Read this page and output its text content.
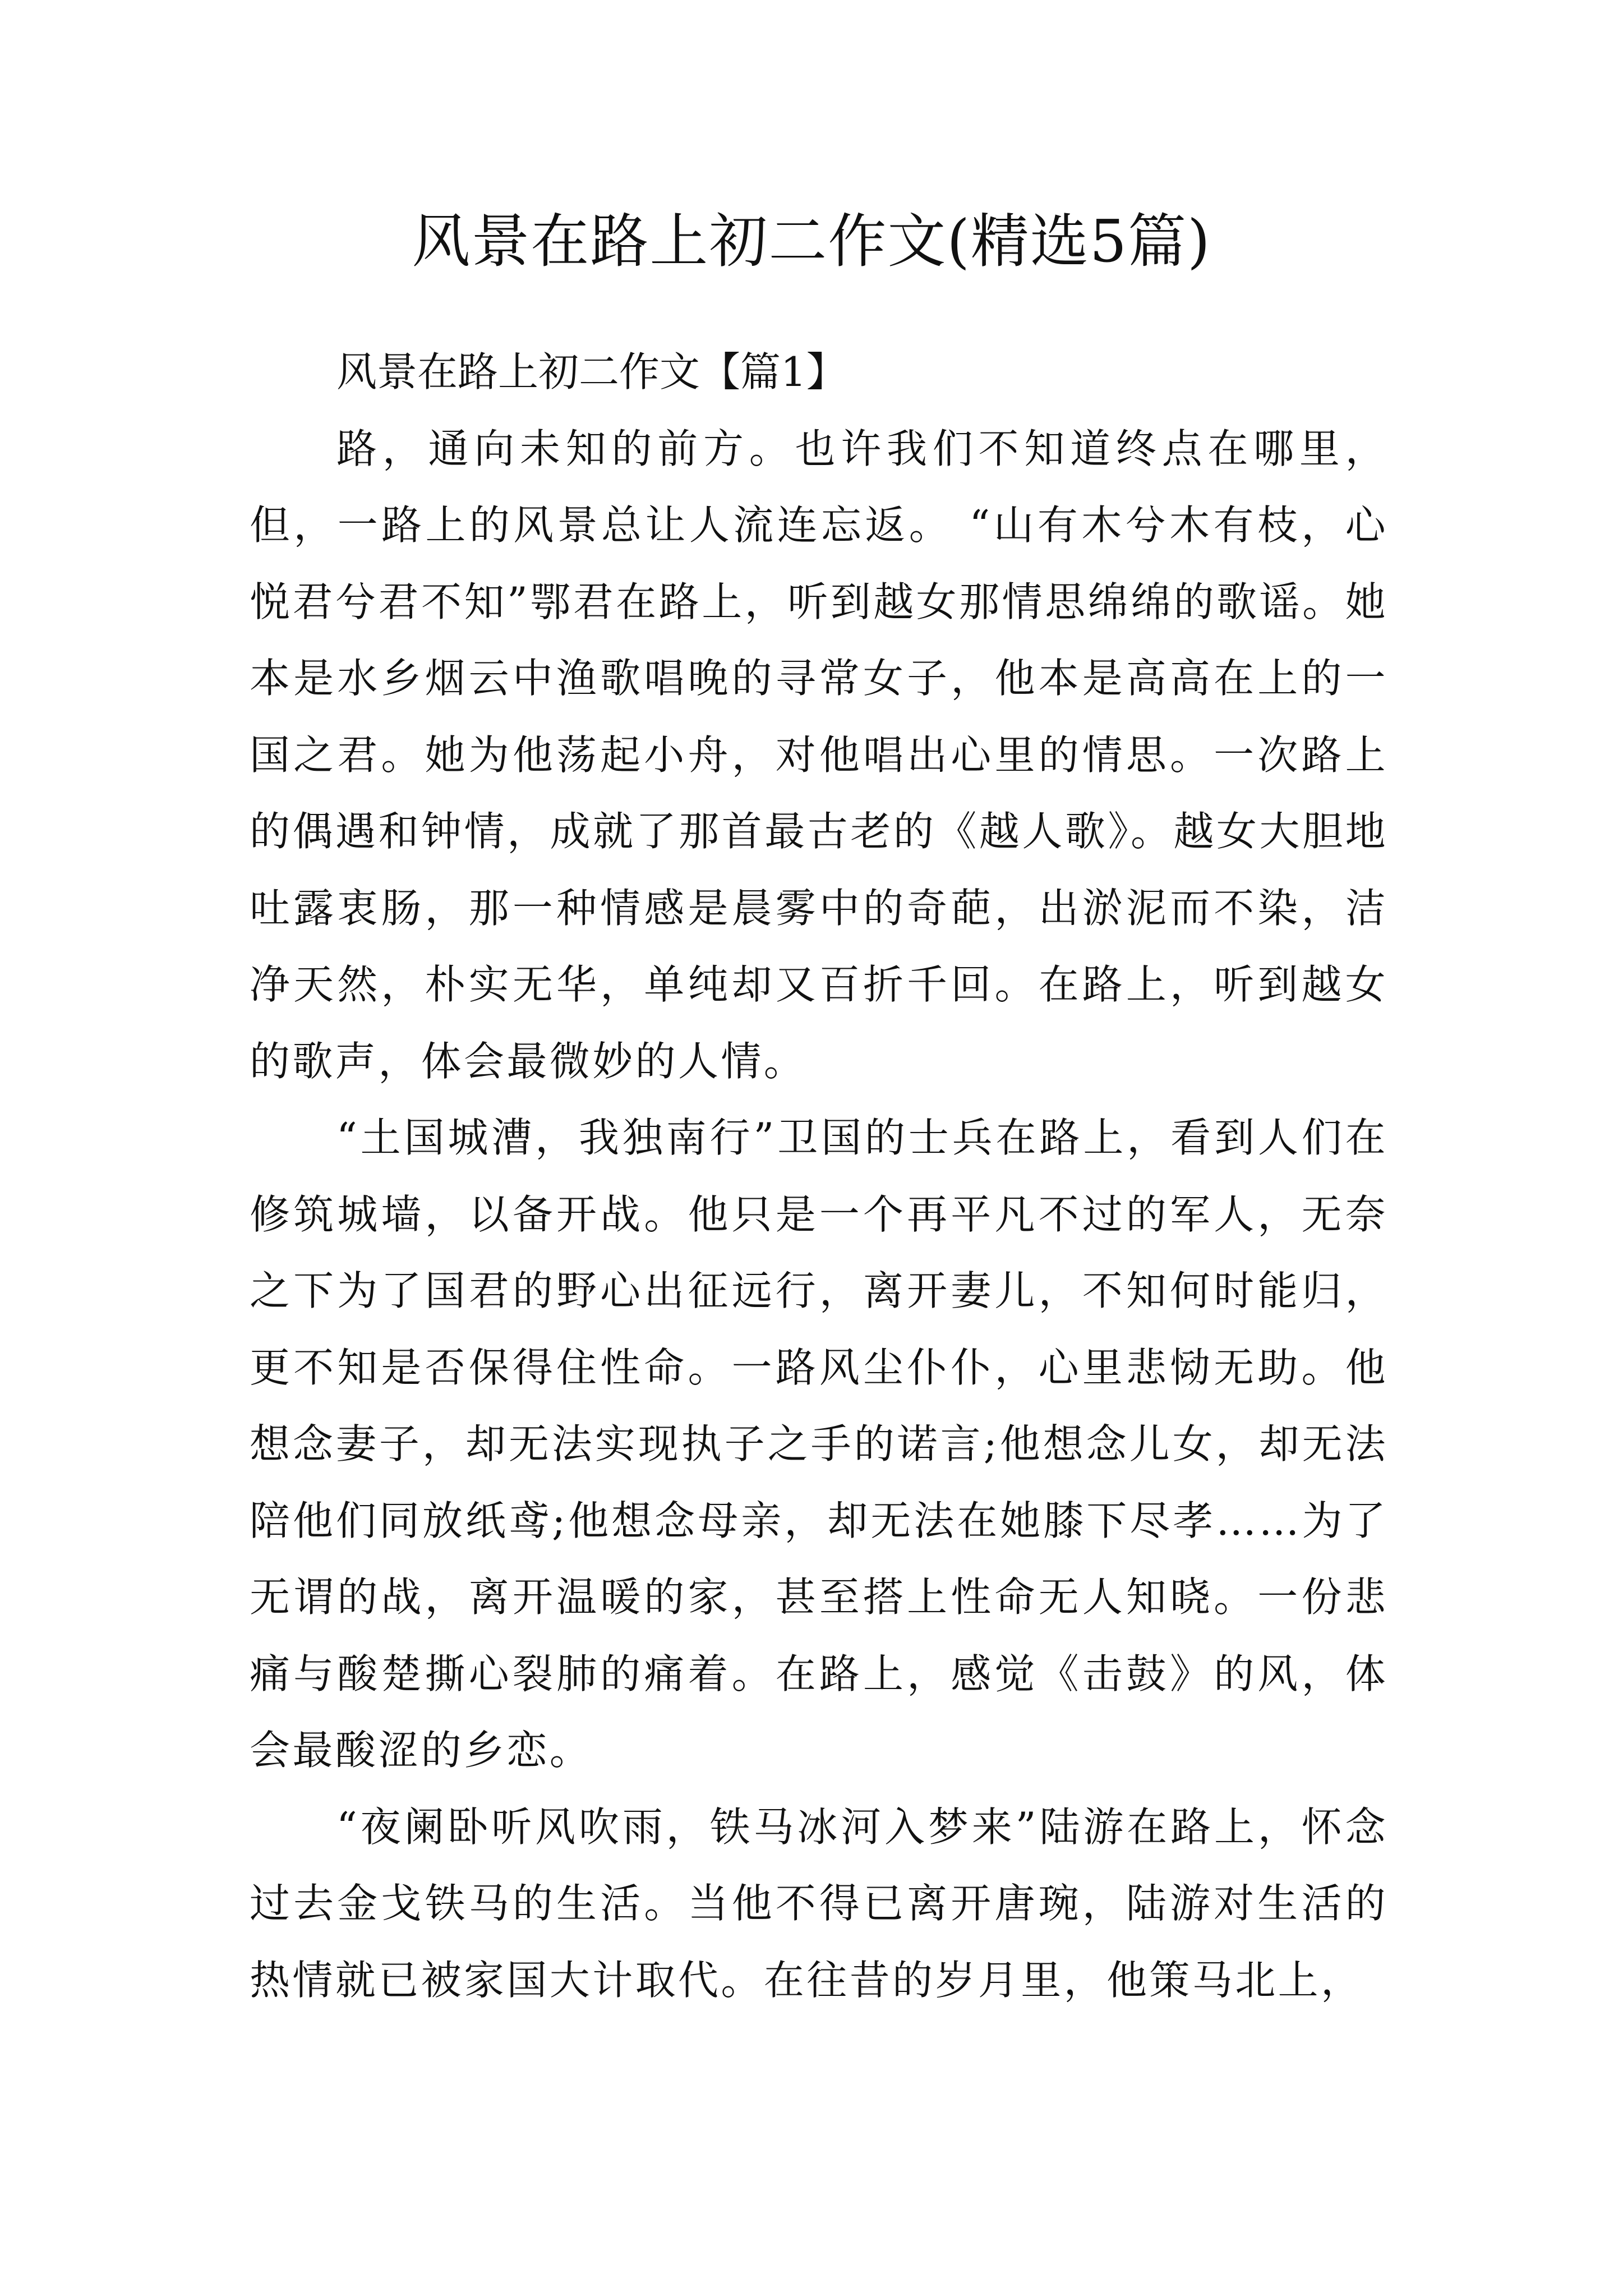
风景在路上初二作文(精选5篇)
风景在路上初二作文【篇1】

路，通向未知的前方。也许我们不知道终点在哪里，但，一路上的风景总让人流连忘返。 “山有木兮木有枝，心悦君兮君不知”鄂君在路上，听到越女那情思绵绵的歌谣。她本是水乡烟云中渔歌唱晚的寻常女子，他本是高高在上的一国之君。她为他荡起小舟，对他唱出心里的情思。一次路上的偶遇和钟情，成就了那首最古老的《越人歌》。越女大胆地吐露衷肠，那一种情感是晨雾中的奇葩，出淤泥而不染，洁净天然，朴实无华，单纯却又百折千回。在路上，听到越女的歌声，体会最微妙的人情。

“土国城漕，我独南行”卫国的士兵在路上，看到人们在修筑城墙，以备开战。他只是一个再平凡不过的军人，无奈之下为了国君的野心出征远行，离开妻儿，不知何时能归，更不知是否保得住性命。一路风尘仆仆，心里悲恸无助。他想念妻子，却无法实现执子之手的诺言;他想念儿女，却无法陪他们同放纸鸢;他想念母亲，却无法在她膝下尽孝……为了无谓的战，离开温暖的家，甚至搭上性命无人知晓。一份悲痛与酸楚撕心裂肺的痛着。在路上，感觉《击鼓》的风，体会最酸涩的乡恋。

“夜阑卧听风吹雨，铁马冰河入梦来”陆游在路上，怀念过去金戈铁马的生活。当他不得已离开唐琬，陆游对生活的热情就已被家国大计取代。在往昔的岁月里，他策马北上，
